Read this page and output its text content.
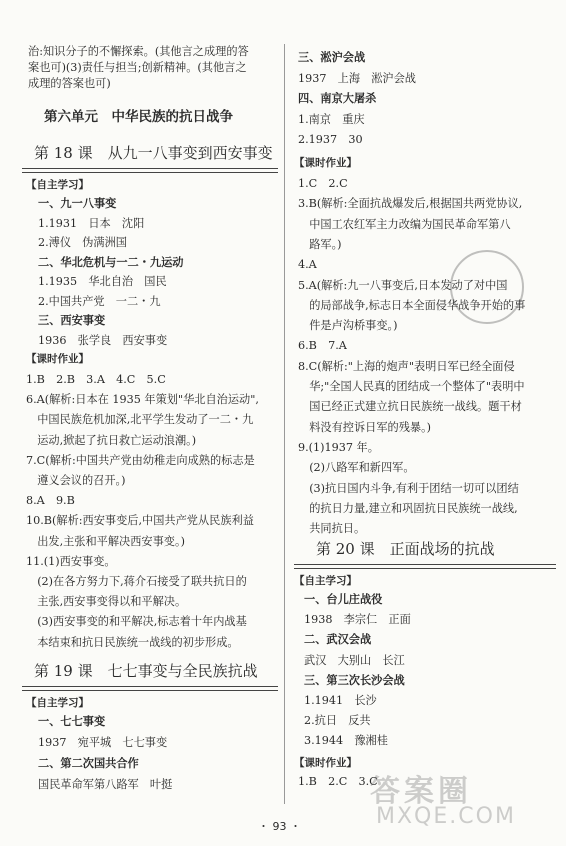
治:知识分子的不懈探索。(其他言之成理的答
案也可)(3)责任与担当;创新精神。(其他言之
成理的答案也可)
第六单元　中华民族的抗日战争
第 18 课　从九一八事变到西安事变
【自主学习】
一、九一八事变
1.1931　日本　沈阳
2.溥仪　伪满洲国
二、华北危机与一二・九运动
1.1935　华北自治　国民
2.中国共产党　一二・九
三、西安事变
1936　张学良　西安事变
【课时作业】
1.B　2.B　3.A　4.C　5.C
6.A(解析:日本在 1935 年策划"华北自治运动",
　中国民族危机加深,北平学生发动了一二・九
　运动,掀起了抗日救亡运动浪潮。)
7.C(解析:中国共产党由幼稚走向成熟的标志是
　遵义会议的召开。)
8.A　9.B
10.B(解析:西安事变后,中国共产党从民族利益
　出发,主张和平解决西安事变。)
11.(1)西安事变。
　(2)在各方努力下,蒋介石接受了联共抗日的
　主张,西安事变得以和平解决。
　(3)西安事变的和平解决,标志着十年内战基
　本结束和抗日民族统一战线的初步形成。
第 19 课　七七事变与全民族抗战
【自主学习】
一、七七事变
1937　宛平城　七七事变
二、第二次国共合作
国民革命军第八路军　叶挺
三、淞沪会战
1937　上海　淞沪会战
四、南京大屠杀
1.南京　重庆
2.1937　30
【课时作业】
1.C　2.C
3.B(解析:全面抗战爆发后,根据国共两党协议,
　中国工农红军主力改编为国民革命军第八
　路军。)
4.A
5.A(解析:九一八事变后,日本发动了对中国
　的局部战争,标志日本全面侵华战争开始的事
　件是卢沟桥事变。)
6.B　7.A
8.C(解析:"上海的炮声"表明日军已经全面侵
　华;"全国人民真的团结成一个整体了"表明中
　国已经正式建立抗日民族统一战线。题干材
　料没有控诉日军的残暴。)
9.(1)1937 年。
　(2)八路军和新四军。
　(3)抗日国内斗争,有利于团结一切可以团结
　的抗日力量,建立和巩固抗日民族统一战线,
　共同抗日。
第 20 课　正面战场的抗战
【自主学习】
一、台儿庄战役
1938　李宗仁　正面
二、武汉会战
武汉　大别山　长江
三、第三次长沙会战
1.1941　长沙
2.抗日　反共
3.1944　豫湘桂
【课时作业】
1.B　2.C　3.C
・ 93 ・
答案圈
MXQE.COM
